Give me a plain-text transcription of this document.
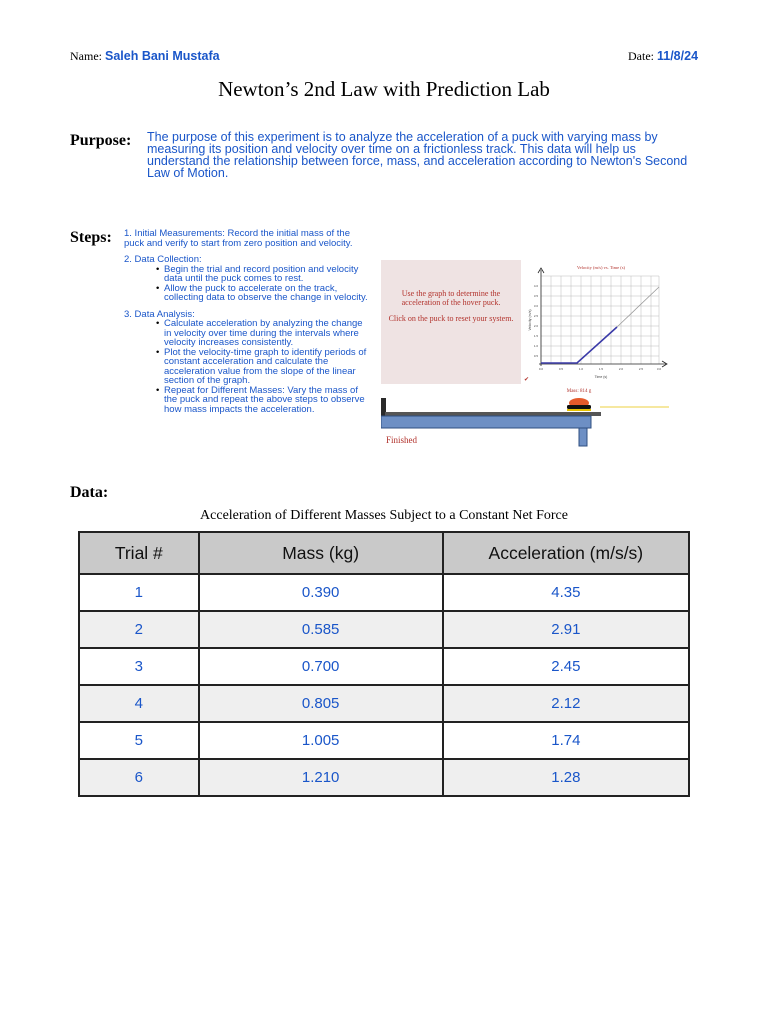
Name: Saleh Bani Mustafa	Date: 11/8/24
Newton’s 2nd Law with Prediction Lab
Purpose: The purpose of this experiment is to analyze the acceleration of a puck with varying mass by measuring its position and velocity over time on a frictionless track. This data will help us understand the relationship between force, mass, and acceleration according to Newton's Second Law of Motion.
Steps: 1. Initial Measurements: Record the initial mass of the puck and verify to start from zero position and velocity.
2. Data Collection:
• Begin the trial and record position and velocity data until the puck comes to rest.
• Allow the puck to accelerate on the track, collecting data to observe the change in velocity.
3. Data Analysis:
• Calculate acceleration by analyzing the change in velocity over time during the intervals where velocity increases consistently.
• Plot the velocity-time graph to identify periods of constant acceleration and calculate the acceleration value from the slope of the linear section of the graph.
• Repeat for Different Masses: Vary the mass of the puck and repeat the above steps to observe how mass impacts the acceleration.

Use the graph to determine the acceleration of the hover puck.

Click on the puck to reset your system.

Velocity (m/s) vs. Time (s)
4.0
3.5
3.0
2.5
2.0
1.5
1.0
0.5
0.0	0.5	1.0	1.5	2.0	2.5	3.0
Velocity (m/s)
Time (s)
✔
Mass: 814 g
Finished
Data:
Acceleration of Different Masses Subject to a Constant Net Force
Trial #	Mass (kg)	Acceleration (m/s/s)
1	0.390	4.35
2	0.585	2.91
3	0.700	2.45
4	0.805	2.12
5	1.005	1.74
6	1.210	1.28
